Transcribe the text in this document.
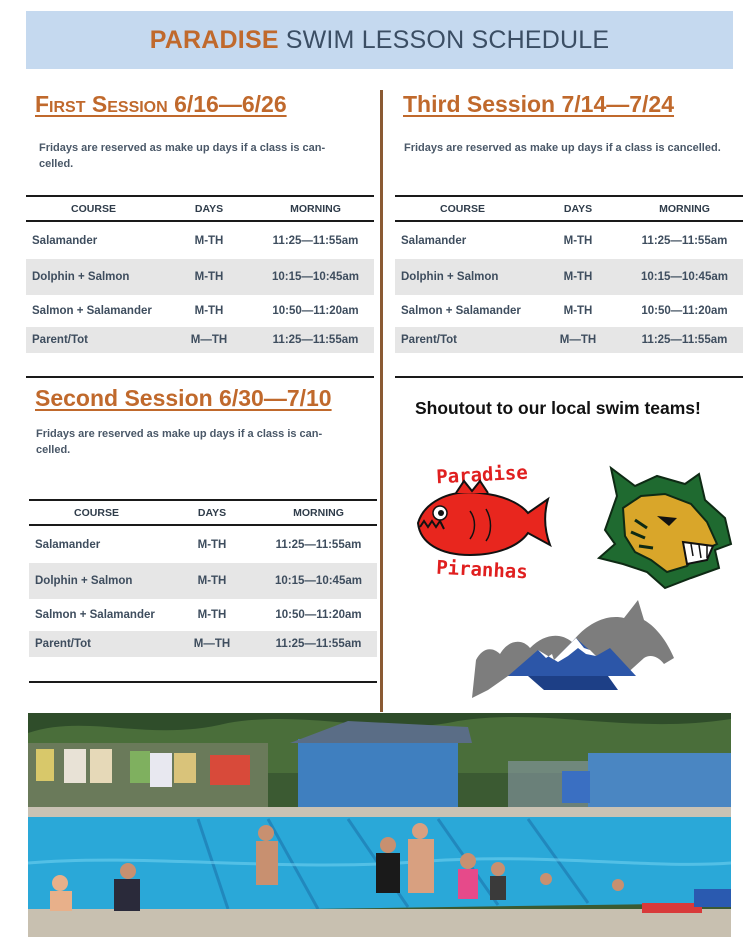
PARADISE SWIM LESSON SCHEDULE
First Session 6/16—6/26
Fridays are reserved as make up days if a class is can-celled.
COURSE	DAYS	MORNING
Salamander	M-TH	11:25—11:55am
Dolphin + Salmon	M-TH	10:15—10:45am
Salmon + Salamander	M-TH	10:50—11:20am
Parent/Tot	M—TH	11:25—11:55am
Second Session 6/30—7/10
Fridays are reserved as make up days if a class is can-celled.
COURSE	DAYS	MORNING
Salamander	M-TH	11:25—11:55am
Dolphin + Salmon	M-TH	10:15—10:45am
Salmon + Salamander	M-TH	10:50—11:20am
Parent/Tot	M—TH	11:25—11:55am
Third Session 7/14—7/24
Fridays are reserved as make up days if a class is cancelled.
COURSE	DAYS	MORNING
Salamander	M-TH	11:25—11:55am
Dolphin + Salmon	M-TH	10:15—10:45am
Salmon + Salamander	M-TH	10:50—11:20am
Parent/Tot	M—TH	11:25—11:55am
Shoutout to our local swim teams!
Paradise
Piranhas
